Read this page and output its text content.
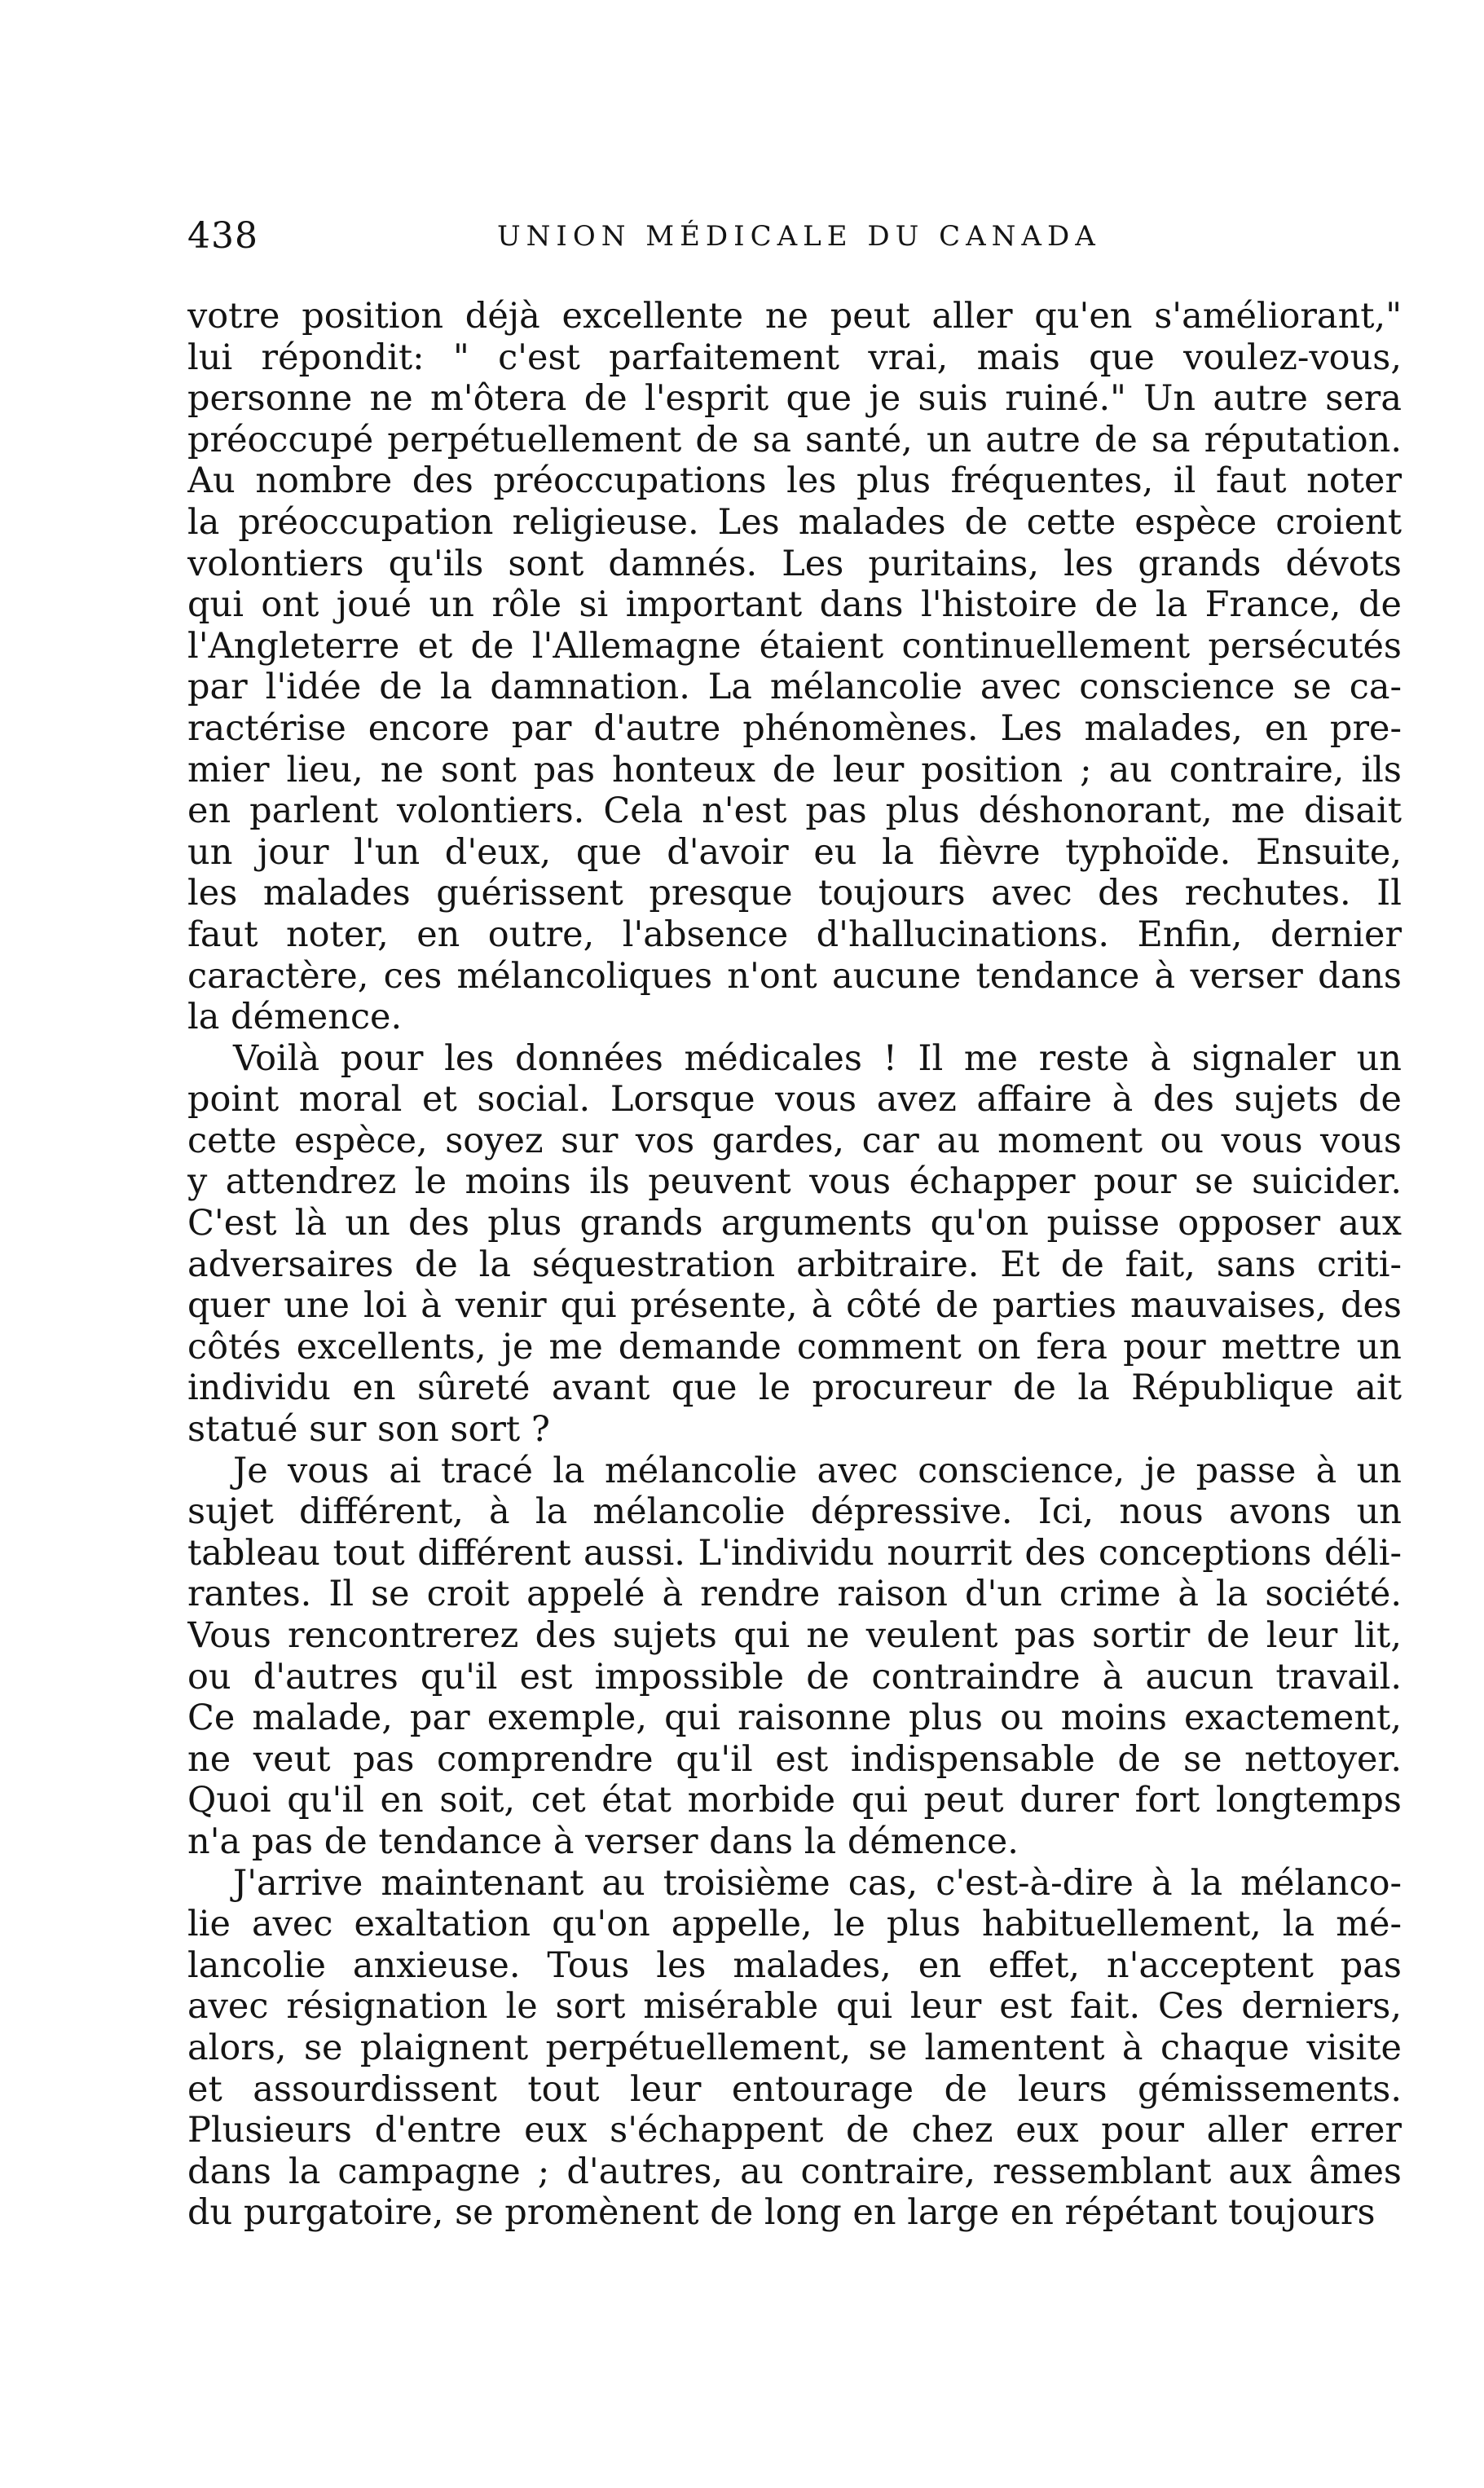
438	UNION MÉDICALE DU CANADA
votre position déjà excellente ne peut aller qu'en s'améliorant,"
lui répondit: " c'est parfaitement vrai, mais que voulez-vous,
personne ne m'ôtera de l'esprit que je suis ruiné." Un autre sera
préoccupé perpétuellement de sa santé, un autre de sa réputation.
Au nombre des préoccupations les plus fréquentes, il faut noter
la préoccupation religieuse. Les malades de cette espèce croient
volontiers qu'ils sont damnés. Les puritains, les grands dévots
qui ont joué un rôle si important dans l'histoire de la France, de
l'Angleterre et de l'Allemagne étaient continuellement persécutés
par l'idée de la damnation. La mélancolie avec conscience se ca-
ractérise encore par d'autre phénomènes. Les malades, en pre-
mier lieu, ne sont pas honteux de leur position ; au contraire, ils
en parlent volontiers. Cela n'est pas plus déshonorant, me disait
un jour l'un d'eux, que d'avoir eu la fièvre typhoïde. Ensuite,
les malades guérissent presque toujours avec des rechutes. Il
faut noter, en outre, l'absence d'hallucinations. Enfin, dernier
caractère, ces mélancoliques n'ont aucune tendance à verser dans
la démence.
Voilà pour les données médicales ! Il me reste à signaler un
point moral et social. Lorsque vous avez affaire à des sujets de
cette espèce, soyez sur vos gardes, car au moment ou vous vous
y attendrez le moins ils peuvent vous échapper pour se suicider.
C'est là un des plus grands arguments qu'on puisse opposer aux
adversaires de la séquestration arbitraire. Et de fait, sans criti-
quer une loi à venir qui présente, à côté de parties mauvaises, des
côtés excellents, je me demande comment on fera pour mettre un
individu en sûreté avant que le procureur de la République ait
statué sur son sort ?
Je vous ai tracé la mélancolie avec conscience, je passe à un
sujet différent, à la mélancolie dépressive. Ici, nous avons un
tableau tout différent aussi. L'individu nourrit des conceptions déli-
rantes. Il se croit appelé à rendre raison d'un crime à la société.
Vous rencontrerez des sujets qui ne veulent pas sortir de leur lit,
ou d'autres qu'il est impossible de contraindre à aucun travail.
Ce malade, par exemple, qui raisonne plus ou moins exactement,
ne veut pas comprendre qu'il est indispensable de se nettoyer.
Quoi qu'il en soit, cet état morbide qui peut durer fort longtemps
n'a pas de tendance à verser dans la démence.
J'arrive maintenant au troisième cas, c'est-à-dire à la mélanco-
lie avec exaltation qu'on appelle, le plus habituellement, la mé-
lancolie anxieuse. Tous les malades, en effet, n'acceptent pas
avec résignation le sort misérable qui leur est fait. Ces derniers,
alors, se plaignent perpétuellement, se lamentent à chaque visite
et assourdissent tout leur entourage de leurs gémissements.
Plusieurs d'entre eux s'échappent de chez eux pour aller errer
dans la campagne ; d'autres, au contraire, ressemblant aux âmes
du purgatoire, se promènent de long en large en répétant toujours
